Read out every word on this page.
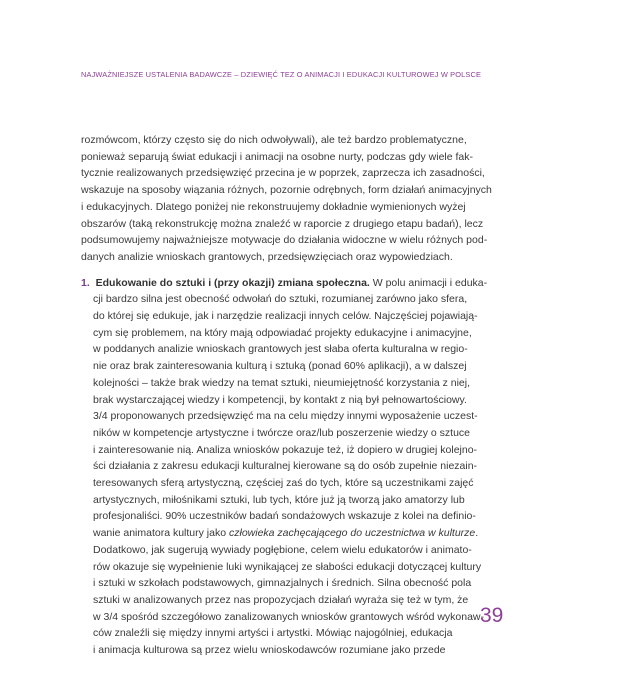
NAJWAŻNIEJSZE USTALENIA BADAWCZE – DZIEWIĘĆ TEZ O ANIMACJI I EDUKACJI KULTUROWEJ W POLSCE
rozmówcom, którzy często się do nich odwoływali), ale też bardzo problematyczne,
ponieważ separują świat edukacji i animacji na osobne nurty, podczas gdy wiele fak-
tycznie realizowanych przedsięwzięć przecina je w poprzek, zaprzecza ich zasadności,
wskazuje na sposoby wiązania różnych, pozornie odrębnych, form działań animacyjnych
i edukacyjnych. Dlatego poniżej nie rekonstruujemy dokładnie wymienionych wyżej
obszarów (taką rekonstrukcję można znaleźć w raporcie z drugiego etapu badań), lecz
podsumowujemy najważniejsze motywacje do działania widoczne w wielu różnych pod-
danych analizie wnioskach grantowych, przedsięwzięciach oraz wypowiedziach.
1. Edukowanie do sztuki i (przy okazji) zmiana społeczna. W polu animacji i eduka-
cji bardzo silna jest obecność odwołań do sztuki, rozumianej zarówno jako sfera,
do której się edukuje, jak i narzędzie realizacji innych celów. Najczęściej pojawiają-
cym się problemem, na który mają odpowiadać projekty edukacyjne i animacyjne,
w poddanych analizie wnioskach grantowych jest słaba oferta kulturalna w regio-
nie oraz brak zainteresowania kulturą i sztuką (ponad 60% aplikacji), a w dalszej
kolejności – także brak wiedzy na temat sztuki, nieumiejętność korzystania z niej,
brak wystarczającej wiedzy i kompetencji, by kontakt z nią był pełnowartościowy.
3/4 proponowanych przedsięwzięć ma na celu między innymi wyposażenie uczest-
ników w kompetencje artystyczne i twórcze oraz/lub poszerzenie wiedzy o sztuce
i zainteresowanie nią. Analiza wniosków pokazuje też, iż dopiero w drugiej kolejno-
ści działania z zakresu edukacji kulturalnej kierowane są do osób zupełnie niezain-
teresowanych sferą artystyczną, częściej zaś do tych, które są uczestnikami zajęć
artystycznych, miłośnikami sztuki, lub tych, które już ją tworzą jako amatorzy lub
profesjonaliści. 90% uczestników badań sondażowych wskazuje z kolei na definio-
wanie animatora kultury jako człowieka zachęcającego do uczestnictwa w kulturze.
Dodatkowo, jak sugerują wywiady pogłębione, celem wielu edukatorów i animato-
rów okazuje się wypełnienie luki wynikającej ze słabości edukacji dotyczącej kultury
i sztuki w szkołach podstawowych, gimnazjalnych i średnich. Silna obecność pola
sztuki w analizowanych przez nas propozycjach działań wyraża się też w tym, że
w 3/4 spośród szczegółowo zanalizowanych wniosków grantowych wśród wykonaw-
ców znaleźli się między innymi artyści i artystki. Mówiąc najogólniej, edukacja
i animacja kulturowa są przez wielu wnioskodawców rozumiane jako przede
39
